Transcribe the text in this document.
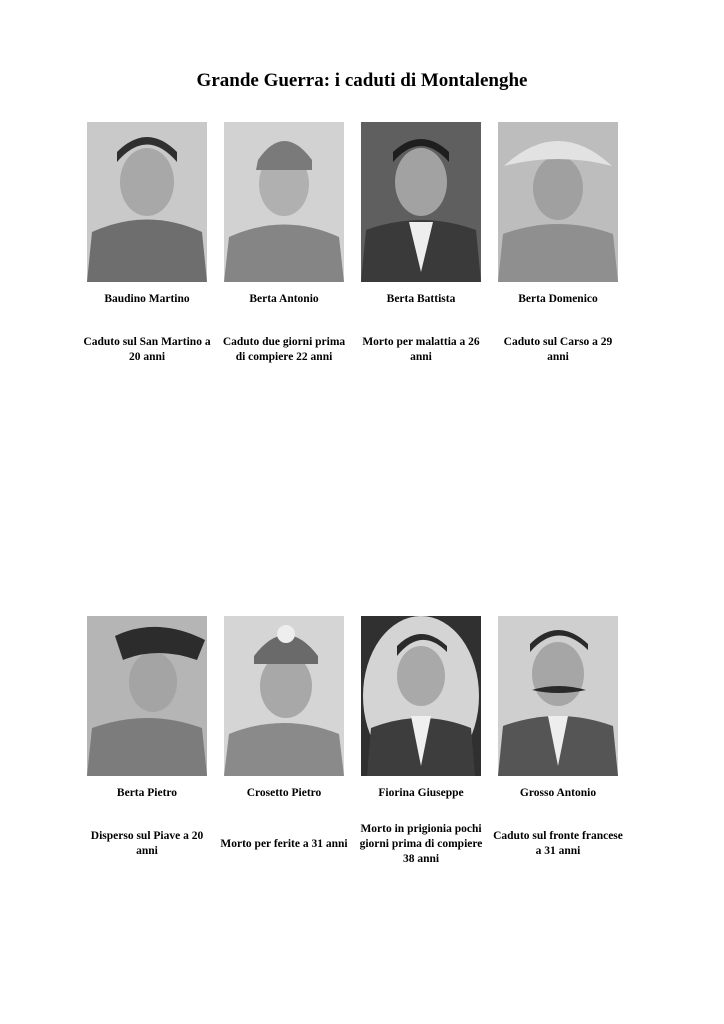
Grande Guerra: i caduti di Montalenghe
Baudino Martino
Caduto sul San Martino a 20 anni
Berta Antonio
Caduto due giorni prima di compiere 22 anni
Berta Battista
Morto per malattia a 26 anni
Berta Domenico
Caduto sul Carso a 29 anni
Berta Pietro
Disperso sul Piave a 20 anni
Crosetto Pietro
Morto per ferite a 31 anni
Fiorina Giuseppe
Morto in prigionia pochi giorni prima di compiere 38 anni
Grosso Antonio
Caduto sul fronte francese a 31 anni
